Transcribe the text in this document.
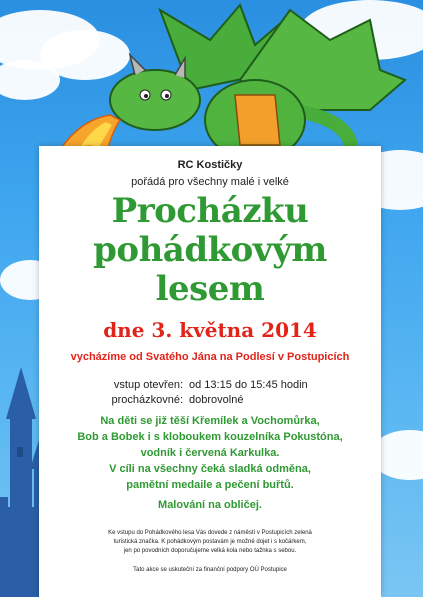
RC Kostičky
pořádá pro všechny malé i velké
Procházku
pohádkovým
lesem
dne 3. května 2014
vycházíme od Svatého Jána na Podlesí v Postupicích
vstup otevřen: od 13:15 do 15:45 hodin
procházkovné: dobrovolné

Na děti se již těší Křemílek a Vochomůrka,

Bob a Bobek i s kloboukem kouzelníka Pokustóna,

vodník i červená Karkulka.

V cíli na všechny čeká sladká odměna,

pamětní medaile a pečení buřtů.

Malování na obličej.

Ke vstupu do Pohádkového lesa Vás dovede z náměstí v Postupicích zelená

turistická značka. K pohádkovým postavám je možné dojet i s kočárkem,

jen po povodních doporučujeme velká kola nebo tažnka s sebou.

Tato akce se uskuteční za finanční podpory OÚ Postupice
